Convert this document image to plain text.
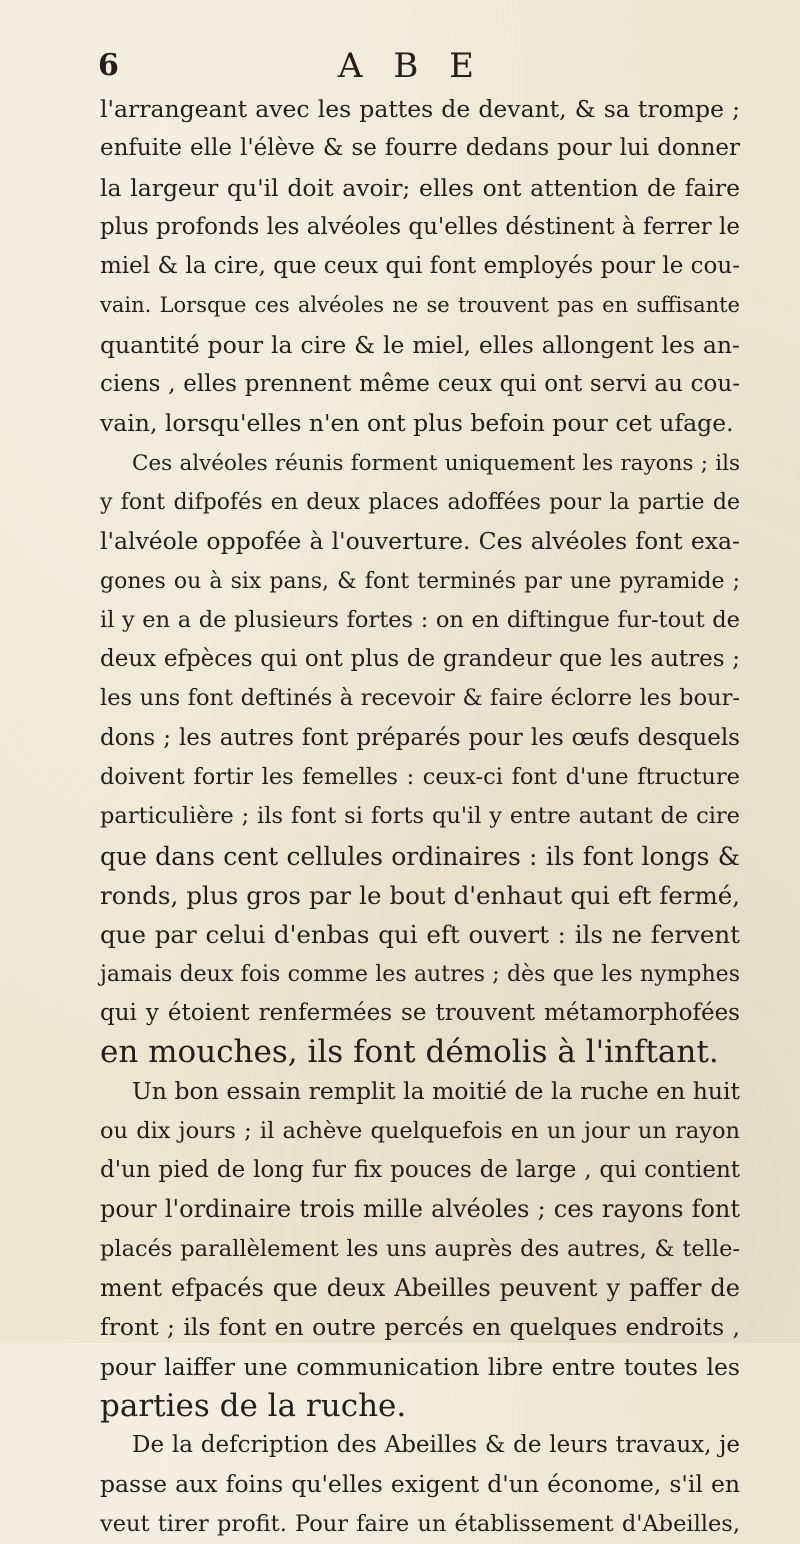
6	A B E
l'arrangeant avec les pattes de devant, & sa trompe ;
enfuite elle l'élève & se fourre dedans pour lui donner
la largeur qu'il doit avoir; elles ont attention de faire
plus profonds les alvéoles qu'elles déstinent à ferrer le
miel & la cire, que ceux qui font employés pour le cou-
vain. Lorsque ces alvéoles ne se trouvent pas en suffisante
quantité pour la cire & le miel, elles allongent les an-
ciens , elles prennent même ceux qui ont servi au cou-
vain, lorsqu'elles n'en ont plus befoin pour cet ufage.
Ces alvéoles réunis forment uniquement les rayons ; ils
y font difpofés en deux places adoffées pour la partie de
l'alvéole oppofée à l'ouverture. Ces alvéoles font exa-
gones ou à six pans, & font terminés par une pyramide ;
il y en a de plusieurs fortes : on en diftingue fur-tout de
deux efpèces qui ont plus de grandeur que les autres ;
les uns font deftinés à recevoir & faire éclorre les bour-
dons ; les autres font préparés pour les œufs desquels
doivent fortir les femelles : ceux-ci font d'une ftructure
particulière ; ils font si forts qu'il y entre autant de cire
que dans cent cellules ordinaires : ils font longs &
ronds, plus gros par le bout d'enhaut qui eft fermé,
que par celui d'enbas qui eft ouvert : ils ne fervent
jamais deux fois comme les autres ; dès que les nymphes
qui y étoient renfermées se trouvent métamorphofées
en mouches, ils font démolis à l'inftant.
Un bon essain remplit la moitié de la ruche en huit
ou dix jours ; il achève quelquefois en un jour un rayon
d'un pied de long fur fix pouces de large , qui contient
pour l'ordinaire trois mille alvéoles ; ces rayons font
placés parallèlement les uns auprès des autres, & telle-
ment efpacés que deux Abeilles peuvent y paffer de
front ; ils font en outre percés en quelques endroits ,
pour laiffer une communication libre entre toutes les
parties de la ruche.
De la defcription des Abeilles & de leurs travaux, je
passe aux foins qu'elles exigent d'un économe, s'il en
veut tirer profit. Pour faire un établissement d'Abeilles,
